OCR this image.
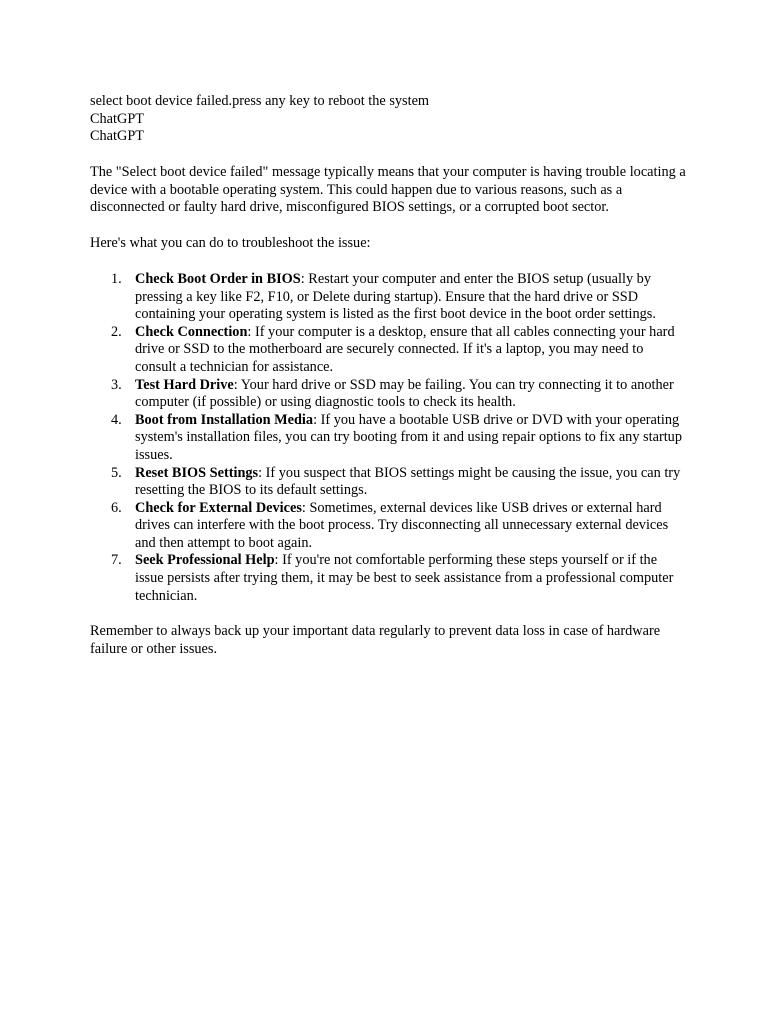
select boot device failed.press any key to reboot the system

ChatGPT

ChatGPT

The "Select boot device failed" message typically means that your computer is having trouble locating a device with a bootable operating system. This could happen due to various reasons, such as a disconnected or faulty hard drive, misconfigured BIOS settings, or a corrupted boot sector.

Here's what you can do to troubleshoot the issue:

1. Check Boot Order in BIOS: Restart your computer and enter the BIOS setup (usually by pressing a key like F2, F10, or Delete during startup). Ensure that the hard drive or SSD containing your operating system is listed as the first boot device in the boot order settings.
2. Check Connection: If your computer is a desktop, ensure that all cables connecting your hard drive or SSD to the motherboard are securely connected. If it's a laptop, you may need to consult a technician for assistance.
3. Test Hard Drive: Your hard drive or SSD may be failing. You can try connecting it to another computer (if possible) or using diagnostic tools to check its health.
4. Boot from Installation Media: If you have a bootable USB drive or DVD with your operating system's installation files, you can try booting from it and using repair options to fix any startup issues.
5. Reset BIOS Settings: If you suspect that BIOS settings might be causing the issue, you can try resetting the BIOS to its default settings.
6. Check for External Devices: Sometimes, external devices like USB drives or external hard drives can interfere with the boot process. Try disconnecting all unnecessary external devices and then attempt to boot again.
7. Seek Professional Help: If you're not comfortable performing these steps yourself or if the issue persists after trying them, it may be best to seek assistance from a professional computer technician.

Remember to always back up your important data regularly to prevent data loss in case of hardware failure or other issues.
